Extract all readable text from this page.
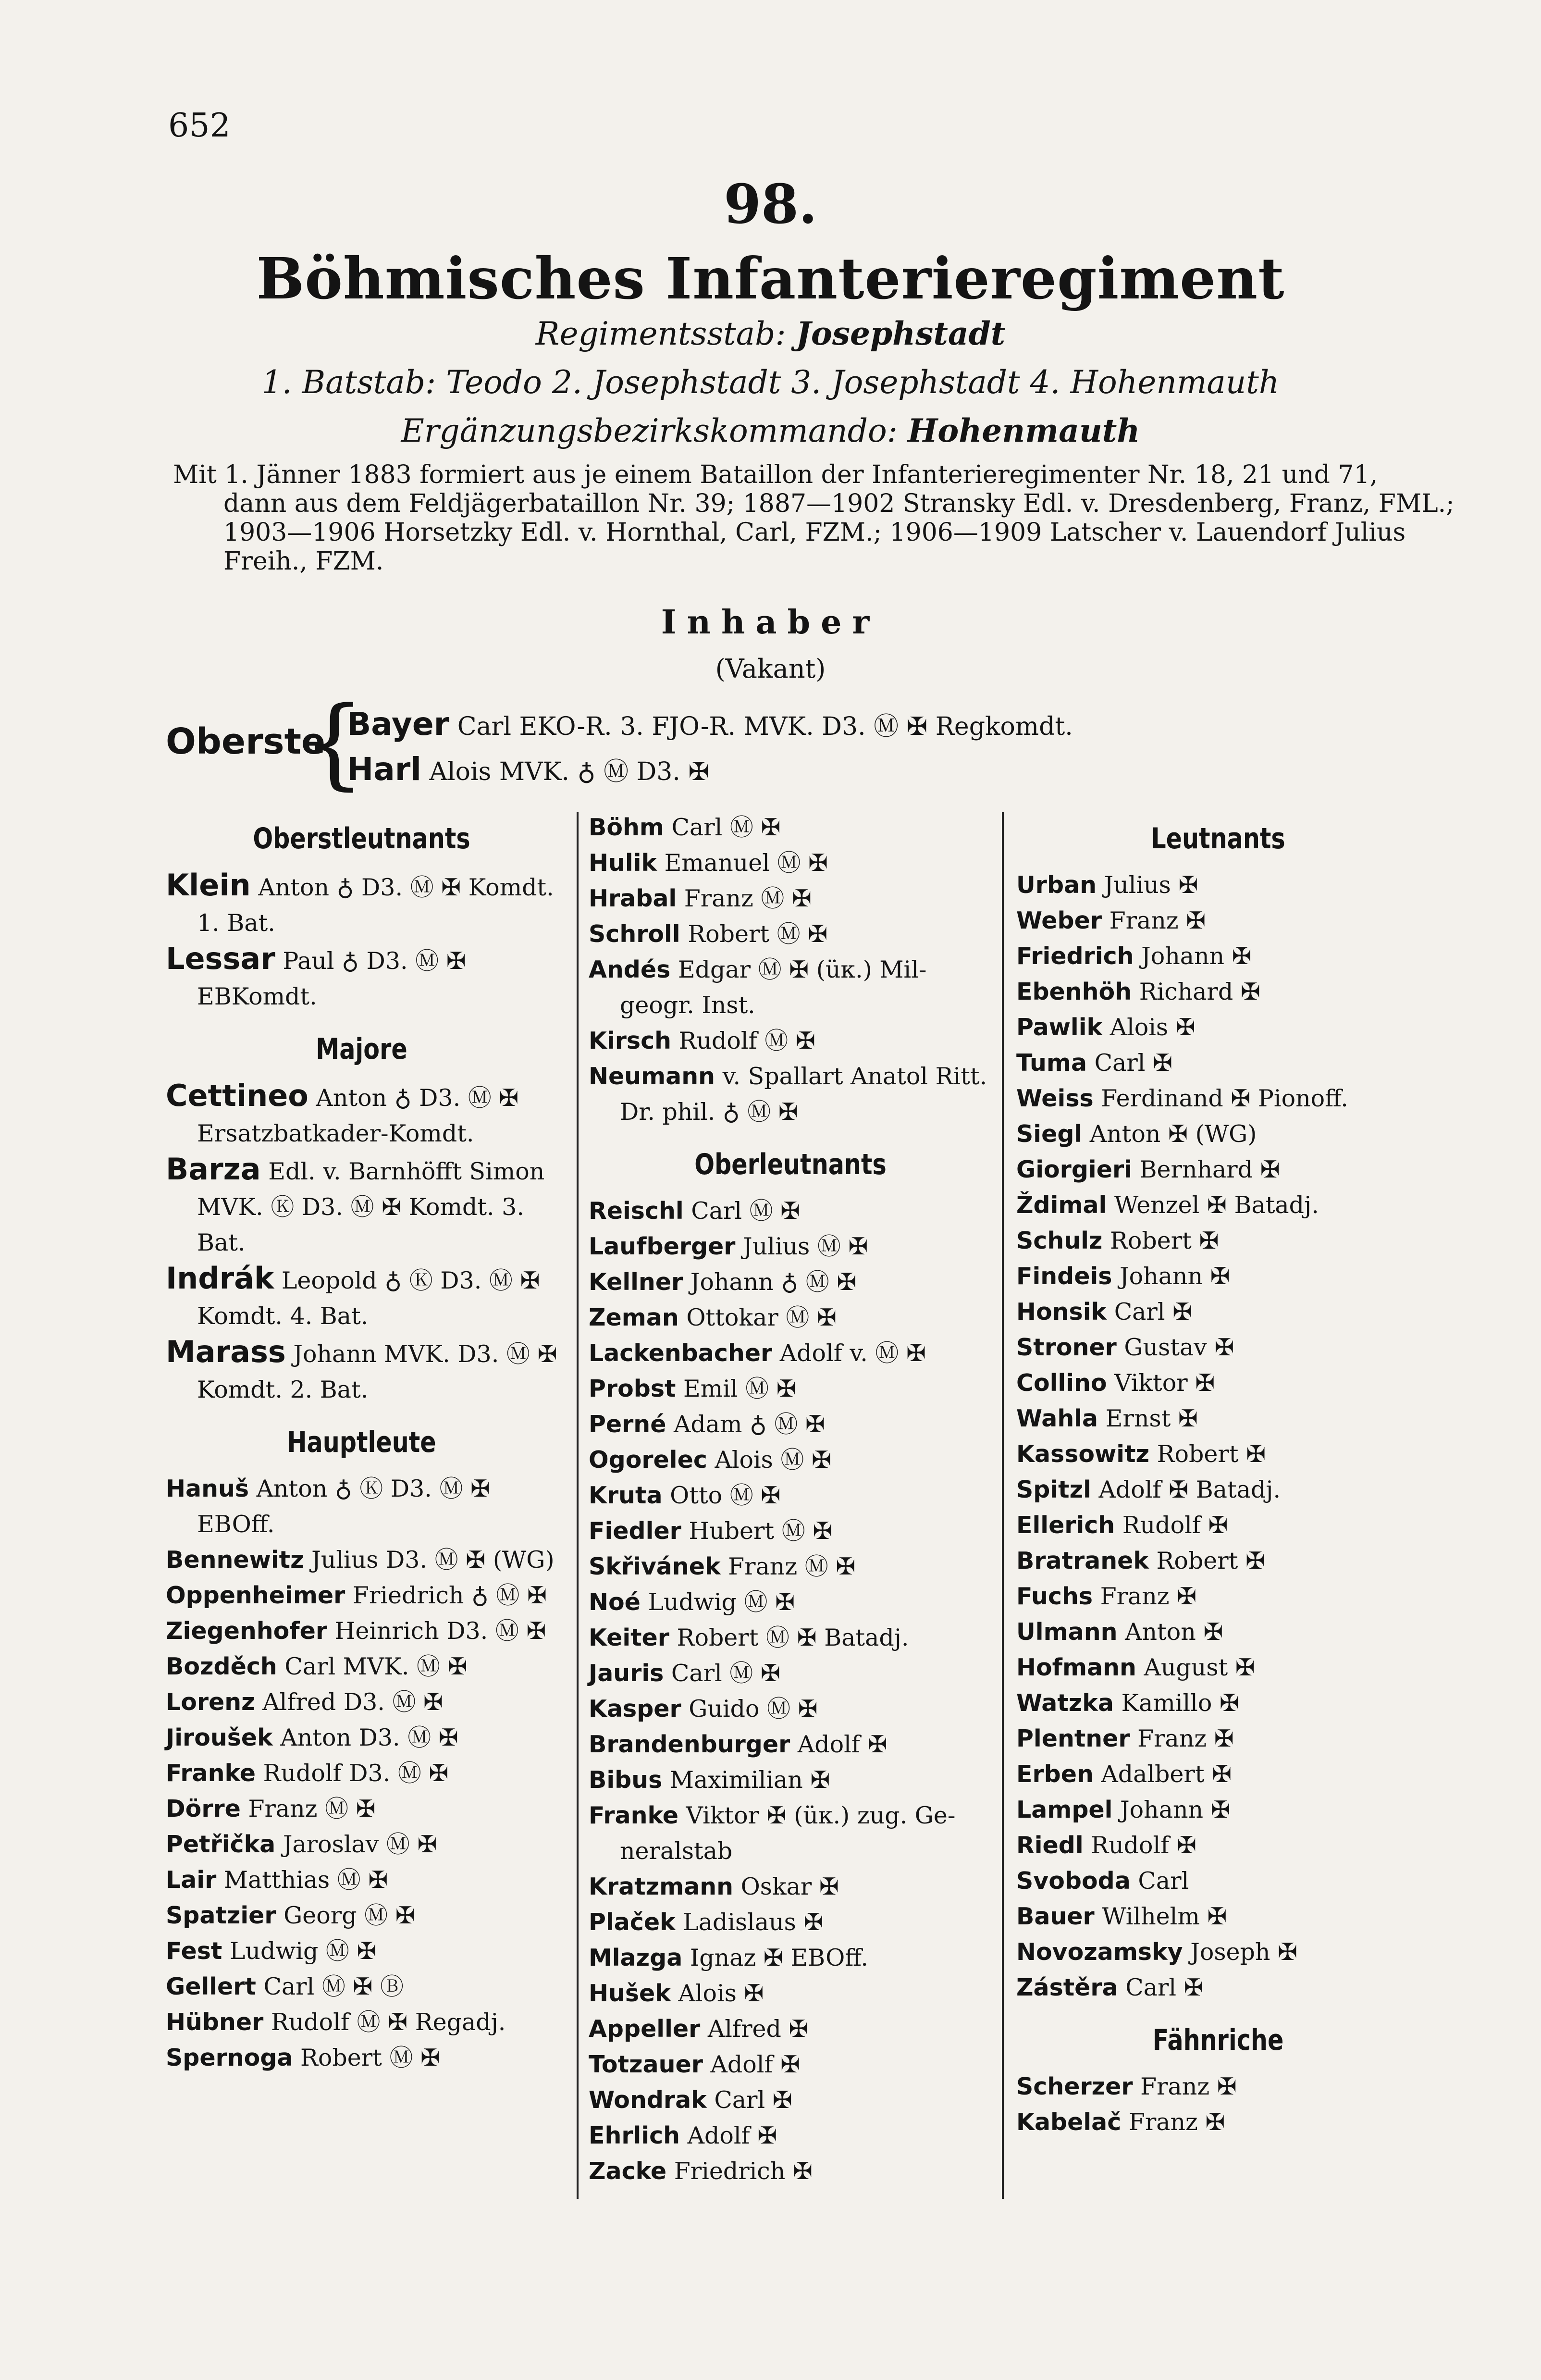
652
98.
Böhmisches Infanterieregiment
Regimentsstab: Josephstadt
1. Batstab: Teodo 2. Josephstadt 3. Josephstadt 4. Hohenmauth
Ergänzungsbezirkskommando: Hohenmauth
Mit 1. Jänner 1883 formiert aus je einem Bataillon der Infanterieregimenter Nr. 18, 21 und 71,
dann aus dem Feldjägerbataillon Nr. 39; 1887—1902 Stransky Edl. v. Dresdenberg, Franz, FML.;
1903—1906 Horsetzky Edl. v. Hornthal, Carl, FZM.; 1906—1909 Latscher v. Lauendorf Julius
Freih., FZM.
Inhaber
(Vakant)
Oberste
{
Bayer Carl EKO-R. 3. FJO-R. MVK. D3. Ⓜ ✠ Regkomdt.
Harl Alois MVK. ♁ Ⓜ D3. ✠
Oberstleutnants
Klein Anton ♁ D3. Ⓜ ✠ Komdt. 1. Bat.
Lessar Paul ♁ D3. Ⓜ ✠ EBKomdt.
Majore
Cettineo Anton ♁ D3. Ⓜ ✠ Ersatzbatkader-Komdt.
Barza Edl. v. Barnhöfft Simon MVK. Ⓚ D3. Ⓜ ✠ Komdt. 3. Bat.
Indrák Leopold ♁ Ⓚ D3. Ⓜ ✠ Komdt. 4. Bat.
Marass Johann MVK. D3. Ⓜ ✠ Komdt. 2. Bat.
Hauptleute
Hanuš Anton ♁ Ⓚ D3. Ⓜ ✠ EBOff.
Bennewitz Julius D3. Ⓜ ✠ (WG)
Oppenheimer Friedrich ♁ Ⓜ ✠
Ziegenhofer Heinrich D3. Ⓜ ✠
Bozděch Carl MVK. Ⓜ ✠
Lorenz Alfred D3. Ⓜ ✠
Jiroušek Anton D3. Ⓜ ✠
Franke Rudolf D3. Ⓜ ✠
Dörre Franz Ⓜ ✠
Petřička Jaroslav Ⓜ ✠
Lair Matthias Ⓜ ✠
Spatzier Georg Ⓜ ✠
Fest Ludwig Ⓜ ✠
Gellert Carl Ⓜ ✠ Ⓑ
Hübner Rudolf Ⓜ ✠ Regadj.
Spernoga Robert Ⓜ ✠
Böhm Carl Ⓜ ✠
Hulik Emanuel Ⓜ ✠
Hrabal Franz Ⓜ ✠
Schroll Robert Ⓜ ✠
Andés Edgar Ⓜ ✠ (üк.) Mil-geogr. Inst.
Kirsch Rudolf Ⓜ ✠
Neumann v. Spallart Anatol Ritt. Dr. phil. ♁ Ⓜ ✠
Oberleutnants
Reischl Carl Ⓜ ✠
Laufberger Julius Ⓜ ✠
Kellner Johann ♁ Ⓜ ✠
Zeman Ottokar Ⓜ ✠
Lackenbacher Adolf v. Ⓜ ✠
Probst Emil Ⓜ ✠
Perné Adam ♁ Ⓜ ✠
Ogorelec Alois Ⓜ ✠
Kruta Otto Ⓜ ✠
Fiedler Hubert Ⓜ ✠
Skřivánek Franz Ⓜ ✠
Noé Ludwig Ⓜ ✠
Keiter Robert Ⓜ ✠ Batadj.
Jauris Carl Ⓜ ✠
Kasper Guido Ⓜ ✠
Brandenburger Adolf ✠
Bibus Maximilian ✠
Franke Viktor ✠ (üк.) zug. Ge-neralstab
Kratzmann Oskar ✠
Plaček Ladislaus ✠
Mlazga Ignaz ✠ EBOff.
Hušek Alois ✠
Appeller Alfred ✠
Totzauer Adolf ✠
Wondrak Carl ✠
Ehrlich Adolf ✠
Zacke Friedrich ✠
Leutnants
Urban Julius ✠
Weber Franz ✠
Friedrich Johann ✠
Ebenhöh Richard ✠
Pawlik Alois ✠
Tuma Carl ✠
Weiss Ferdinand ✠ Pionoff.
Siegl Anton ✠ (WG)
Giorgieri Bernhard ✠
Ždimal Wenzel ✠ Batadj.
Schulz Robert ✠
Findeis Johann ✠
Honsik Carl ✠
Stroner Gustav ✠
Collino Viktor ✠
Wahla Ernst ✠
Kassowitz Robert ✠
Spitzl Adolf ✠ Batadj.
Ellerich Rudolf ✠
Bratranek Robert ✠
Fuchs Franz ✠
Ulmann Anton ✠
Hofmann August ✠
Watzka Kamillo ✠
Plentner Franz ✠
Erben Adalbert ✠
Lampel Johann ✠
Riedl Rudolf ✠
Svoboda Carl
Bauer Wilhelm ✠
Novozamsky Joseph ✠
Zástěra Carl ✠
Fähnriche
Scherzer Franz ✠
Kabelač Franz ✠
